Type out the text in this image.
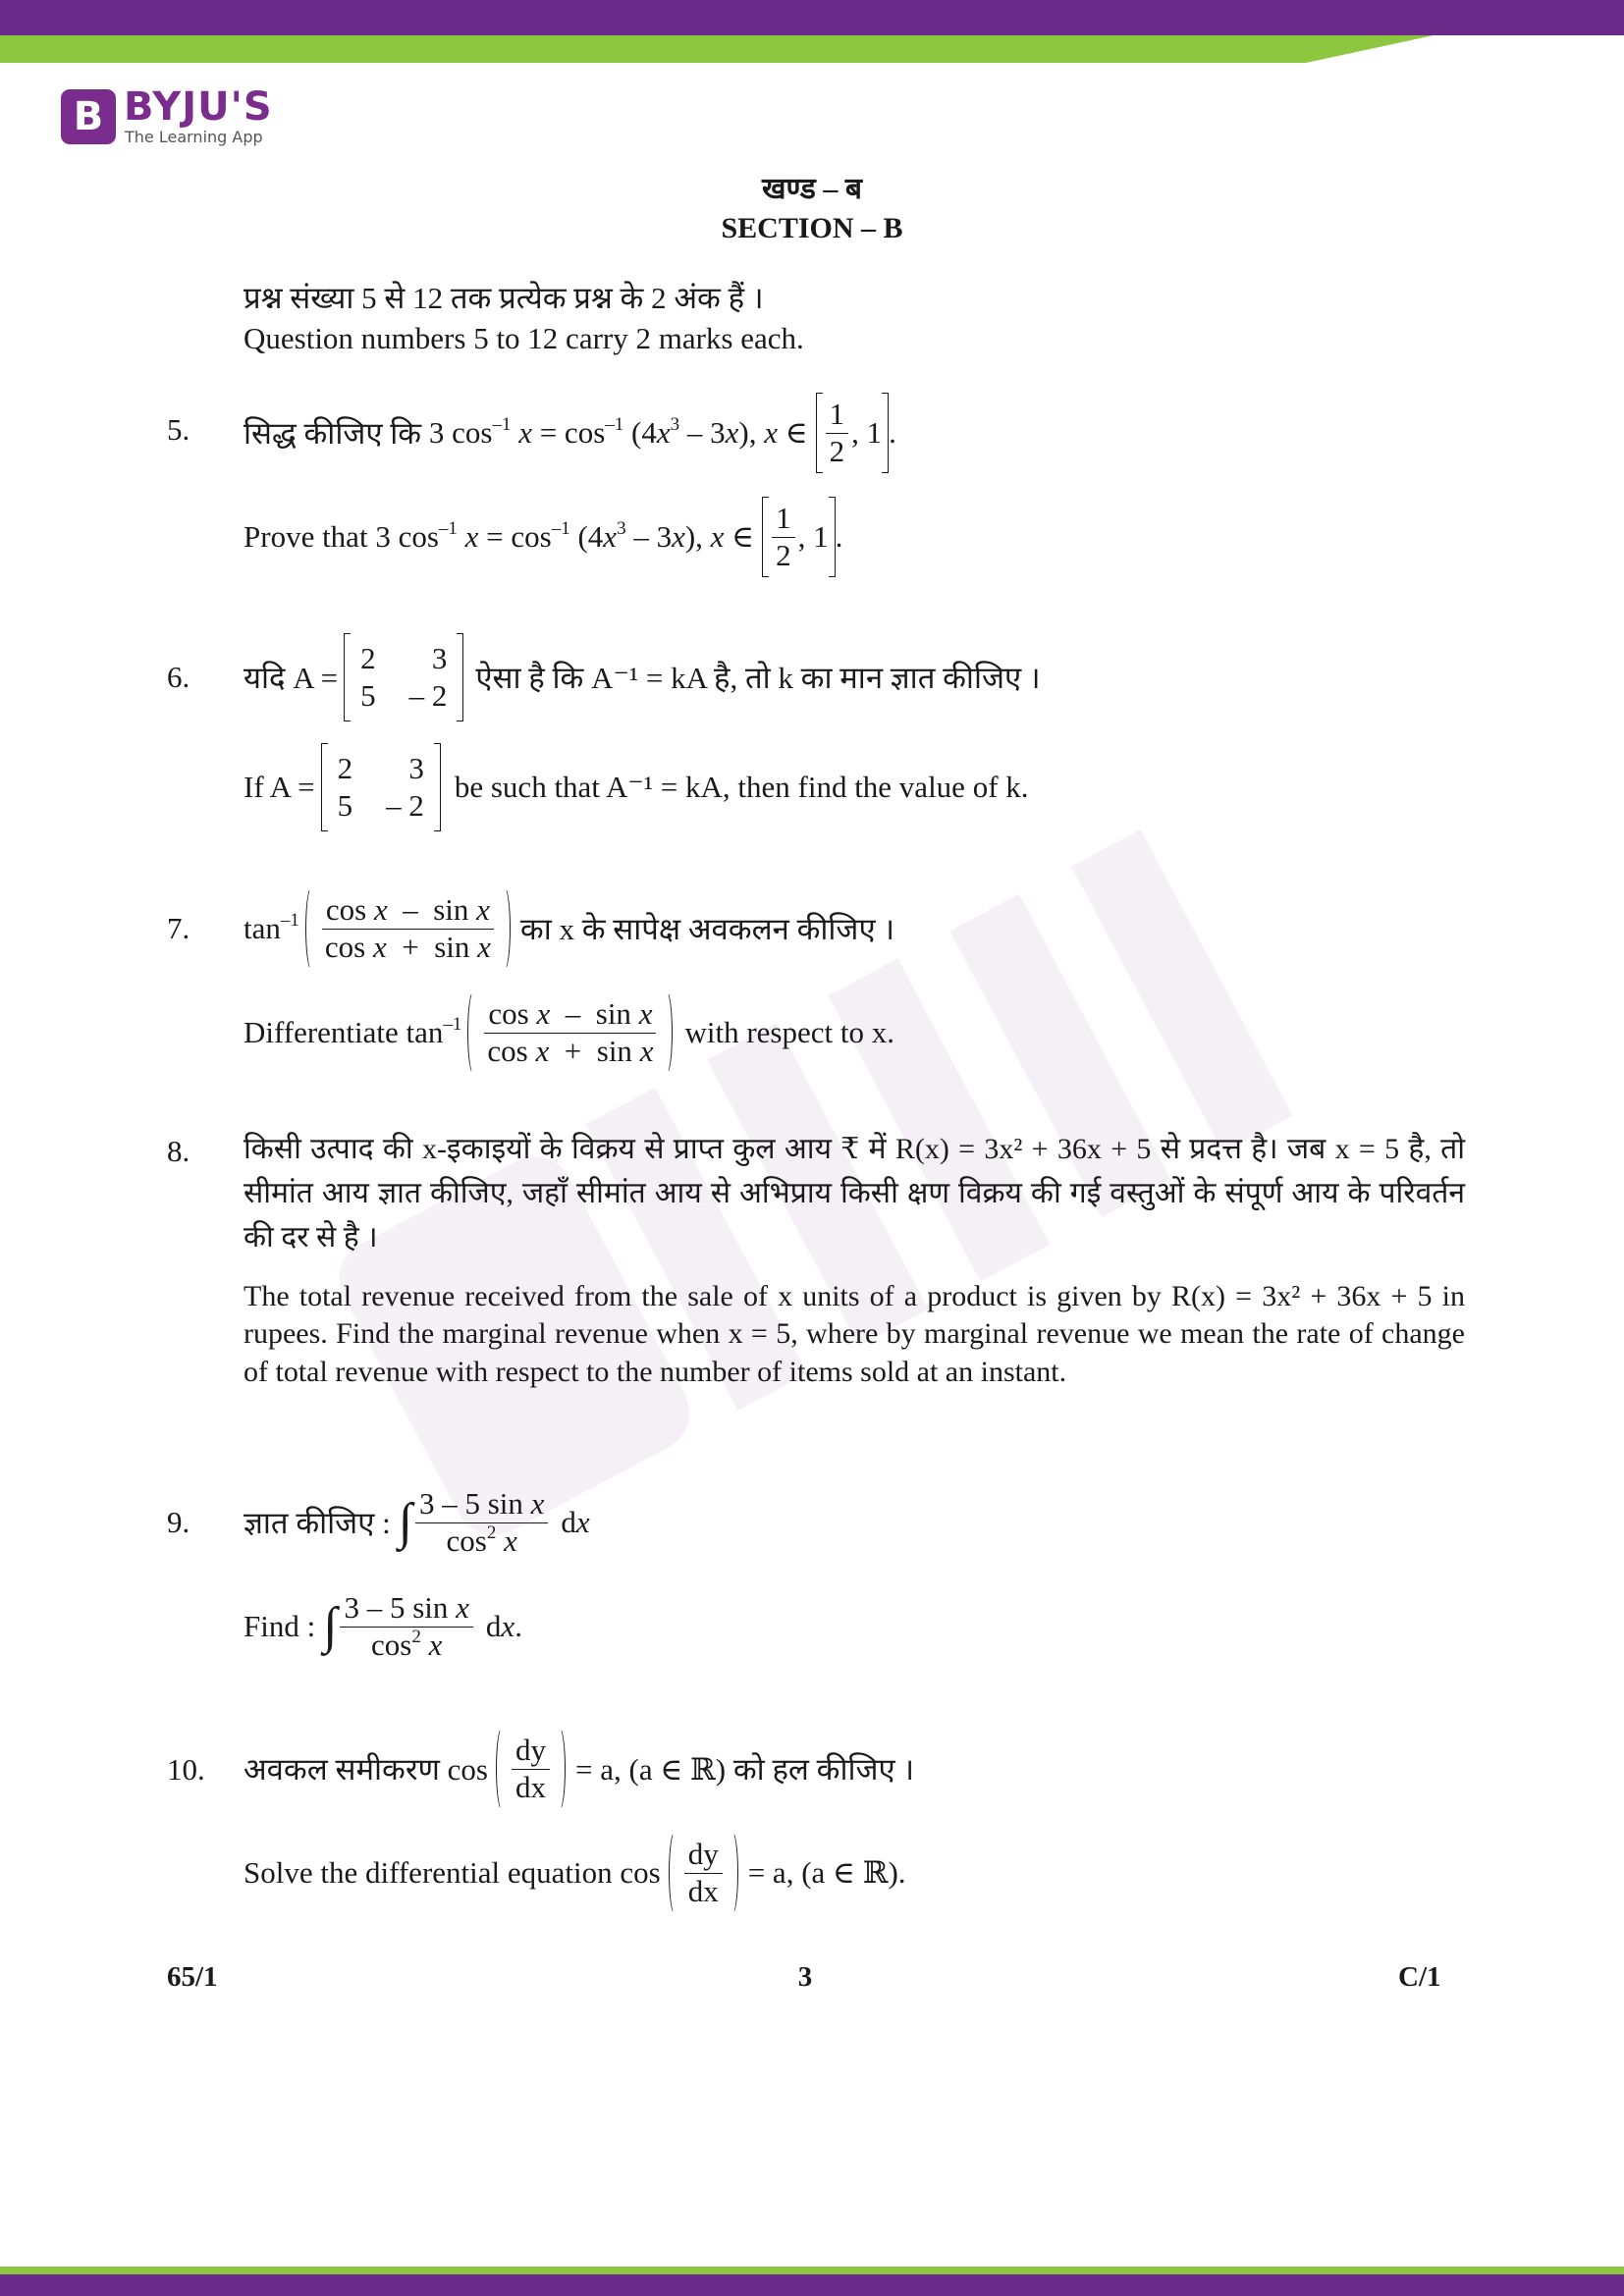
B BYJU'S
The Learning App
खण्ड – ब
SECTION – B
प्रश्न संख्या 5 से 12 तक प्रत्येक प्रश्न के 2 अंक हैं ।
Question numbers 5 to 12 carry 2 marks each.
5. सिद्ध कीजिए कि 3 $\cos^{-1} x = \cos^{-1} (4x^3 - 3x)$, x ∈ $\frac{1}{2}$ , 1 .
Prove that 3 $\cos^{-1} x = \cos^{-1} (4x^3 - 3x)$, x ∈ $\frac{1}{2}$ , 1 .
6. यदि A =
2	3
5 – 2
ऐसा है कि A⁻¹ = kA है, तो k का मान ज्ञात कीजिए ।
If A =
2	3
5 – 2
be such that A⁻¹ = kA, then find the value of k.
7. $\tan^{-1} \frac{\text{cos x  –  sin x}}{\text{cos x  +  sin x}}$ का x के सापेक्ष अवकलन कीजिए ।
Differentiate $\tan^{-1} \frac{\text{cos x  –  sin x}}{\text{cos x  +  sin x}}$ with respect to x.
8. किसी उत्पाद की x-इकाइयों के विक्रय से प्राप्त कुल आय ₹ में R(x) = 3x² + 36x + 5 से प्रदत्त है। जब x = 5 है, तो सीमांत आय ज्ञात कीजिए, जहाँ सीमांत आय से अभिप्राय किसी क्षण विक्रय की गई वस्तुओं के संपूर्ण आय के परिवर्तन की दर से है ।
The total revenue received from the sale of x units of a product is given by R(x) = 3x² + 36x + 5 in rupees. Find the marginal revenue when x = 5, where by marginal revenue we mean the rate of change of total revenue with respect to the number of items sold at an instant.
9. ज्ञात कीजिए : ∫ $\frac{\text{3 – 5 sin x}}{\cos^2 x}$ dx
Find : ∫ $\frac{\text{3 – 5 sin x}}{\cos^2 x}$ dx.
10. अवकल समीकरण $\cos \frac{dy}{dx} = a$, (a ∈ ℝ) को हल कीजिए ।
Solve the differential equation $\cos \frac{dy}{dx} = a$, (a ∈ ℝ).
65/1	3	C/1
